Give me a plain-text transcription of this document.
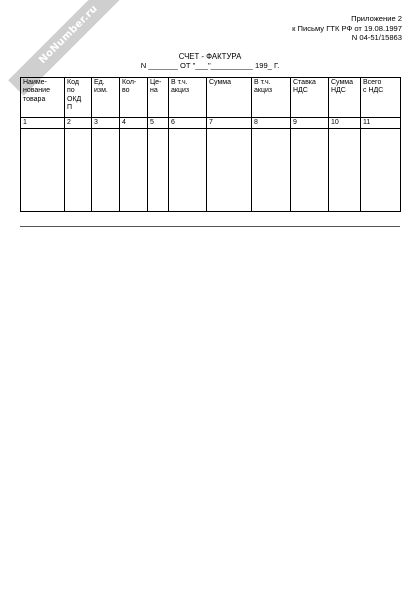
NoNumber.ru	Приложение 2
к Письму ГТК РФ от 19.08.1997
N 04-51/15863
СЧЕТ - ФАКТУРА
N _______ ОТ "___"__________ 199_ Г.
Наиме-
нование
товара	Код
по
ОКД
П	Ед.
изм.	Кол-
во	Це-
на	В т.ч.
акциз	Сумма	В т.ч.
акциз	Ставка
НДС	Сумма
НДС	Всего
с НДС
1	2	3	4	5	6	7	8	9	10	11
